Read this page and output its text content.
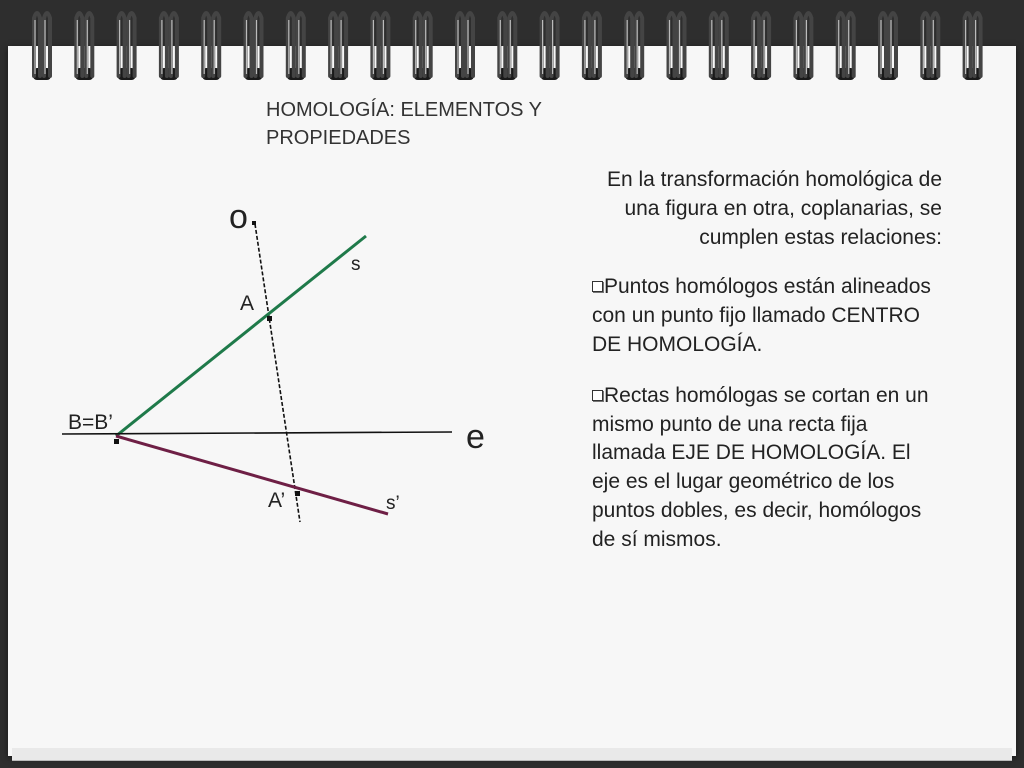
HOMOLOGÍA: ELEMENTOS Y PROPIEDADES
o
s
A
B=B’	e
A’	s’

En la transformación homológica de una figura en otra, coplanarias, se cumplen estas relaciones:

Puntos homólogos están alineados con un punto fijo llamado CENTRO DE HOMOLOGÍA.

Rectas homólogas se cortan en un mismo punto de una recta fija llamada EJE DE HOMOLOGÍA. El eje es el lugar geométrico de los puntos dobles, es decir, homólogos de sí mismos.
